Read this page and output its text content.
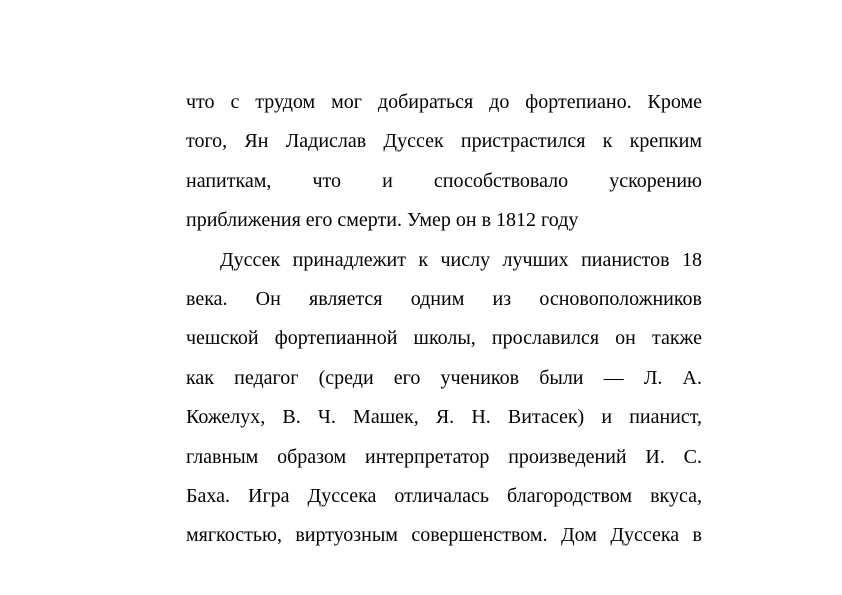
что с трудом мог добираться до фортепиано. Кроме
того, Ян Ладислав Дуссек пристрастился к крепким
напиткам, что и способствовало ускорению
приближения его смерти. Умер он в 1812 году
Дуссек принадлежит к числу лучших пианистов 18
века. Он является одним из основоположников
чешской фортепианной школы, прославился он также
как педагог (среди его учеников были — Л. А.
Кожелух, В. Ч. Машек, Я. Н. Витасек) и пианист,
главным образом интерпретатор произведений И. С.
Баха. Игра Дуссека отличалась благородством вкуса,
мягкостью, виртуозным совершенством. Дом Дуссека в
